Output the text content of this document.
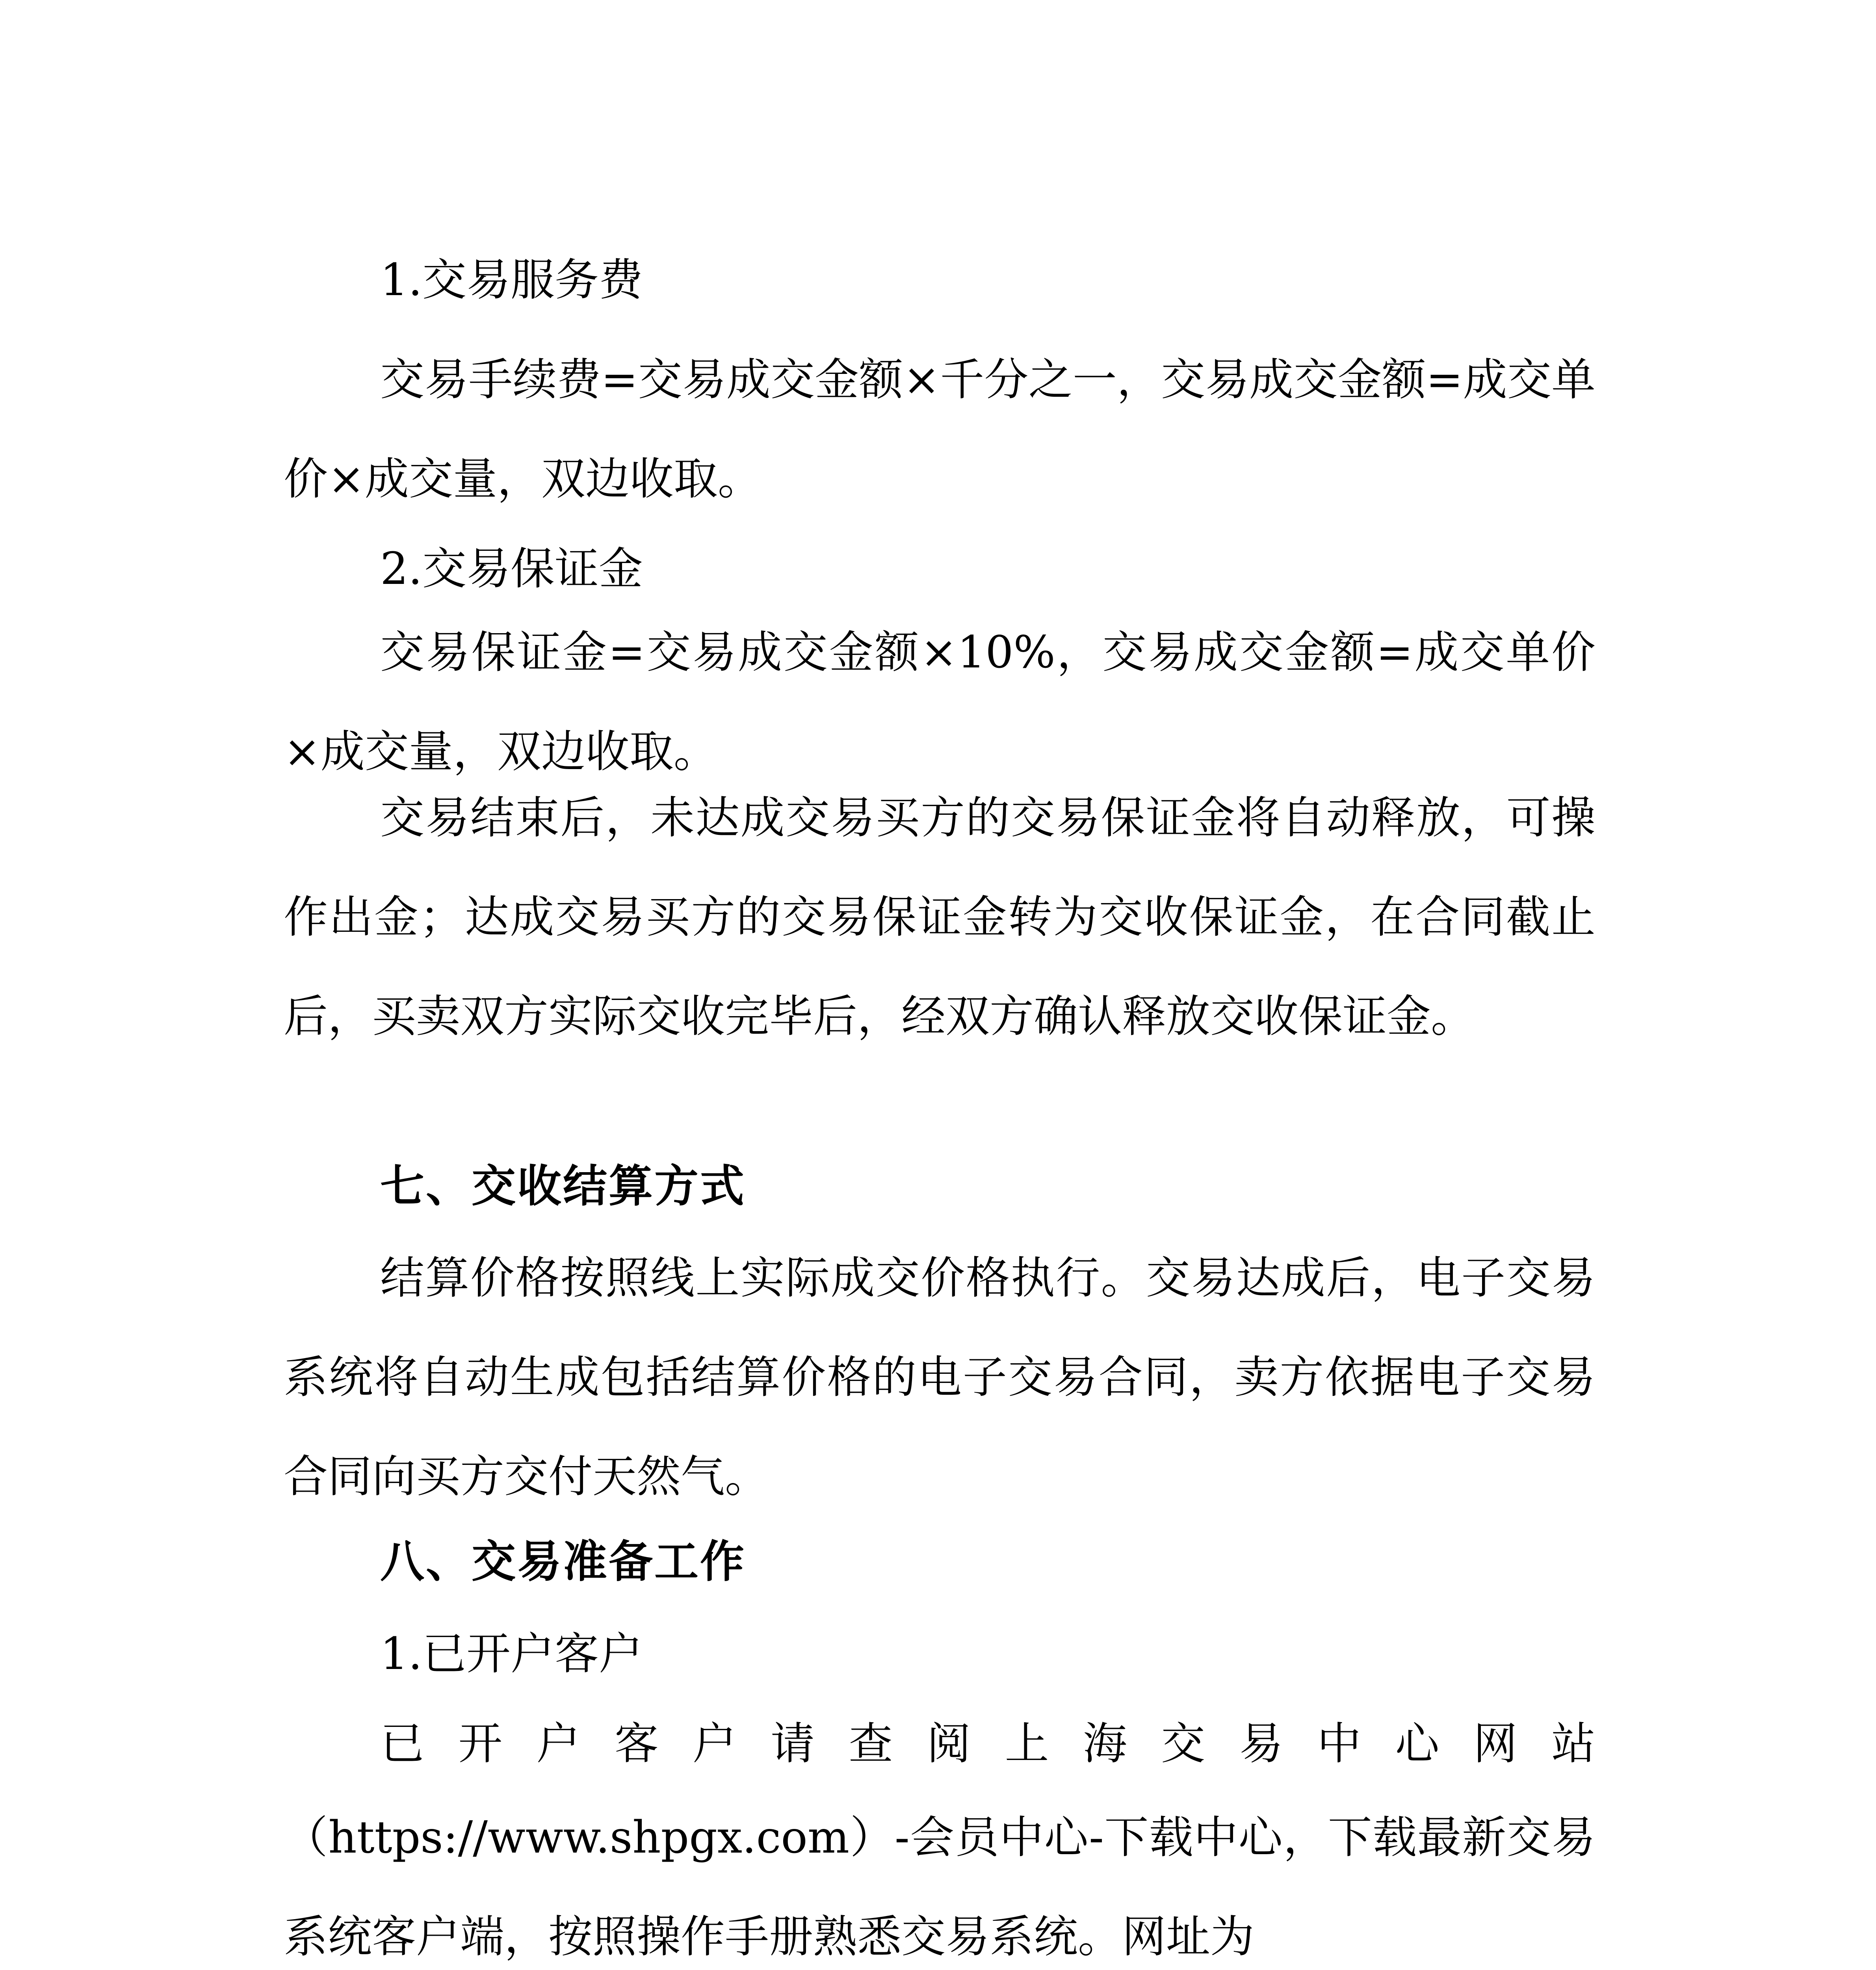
1.交易服务费

交易手续费=交易成交金额×千分之一，交易成交金额=成交单价×成交量，双边收取。

2.交易保证金

交易保证金=交易成交金额×10%，交易成交金额=成交单价×成交量，双边收取。

交易结束后，未达成交易买方的交易保证金将自动释放，可操作出金；达成交易买方的交易保证金转为交收保证金，在合同截止后，买卖双方实际交收完毕后，经双方确认释放交收保证金。

七、交收结算方式

结算价格按照线上实际成交价格执行。交易达成后，电子交易系统将自动生成包括结算价格的电子交易合同，卖方依据电子交易合同向买方交付天然气。

八、交易准备工作

1.已开户客户

已开户客户请查阅上海交易中心网站

（https://www.shpgx.com）-会员中心-下载中心，下载最新交易系统客户端，按照操作手册熟悉交易系统。网址为
